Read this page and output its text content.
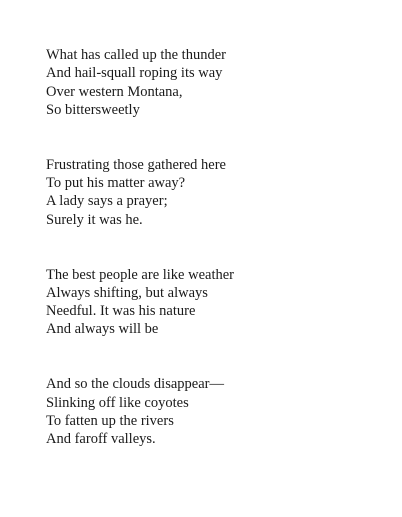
What has called up the thunder
And hail-squall roping its way
Over western Montana,
So bittersweetly
Frustrating those gathered here
To put his matter away?
A lady says a prayer;
Surely it was he.
The best people are like weather
Always shifting, but always
Needful. It was his nature
And always will be
And so the clouds disappear—
Slinking off like coyotes
To fatten up the rivers
And faroff valleys.
